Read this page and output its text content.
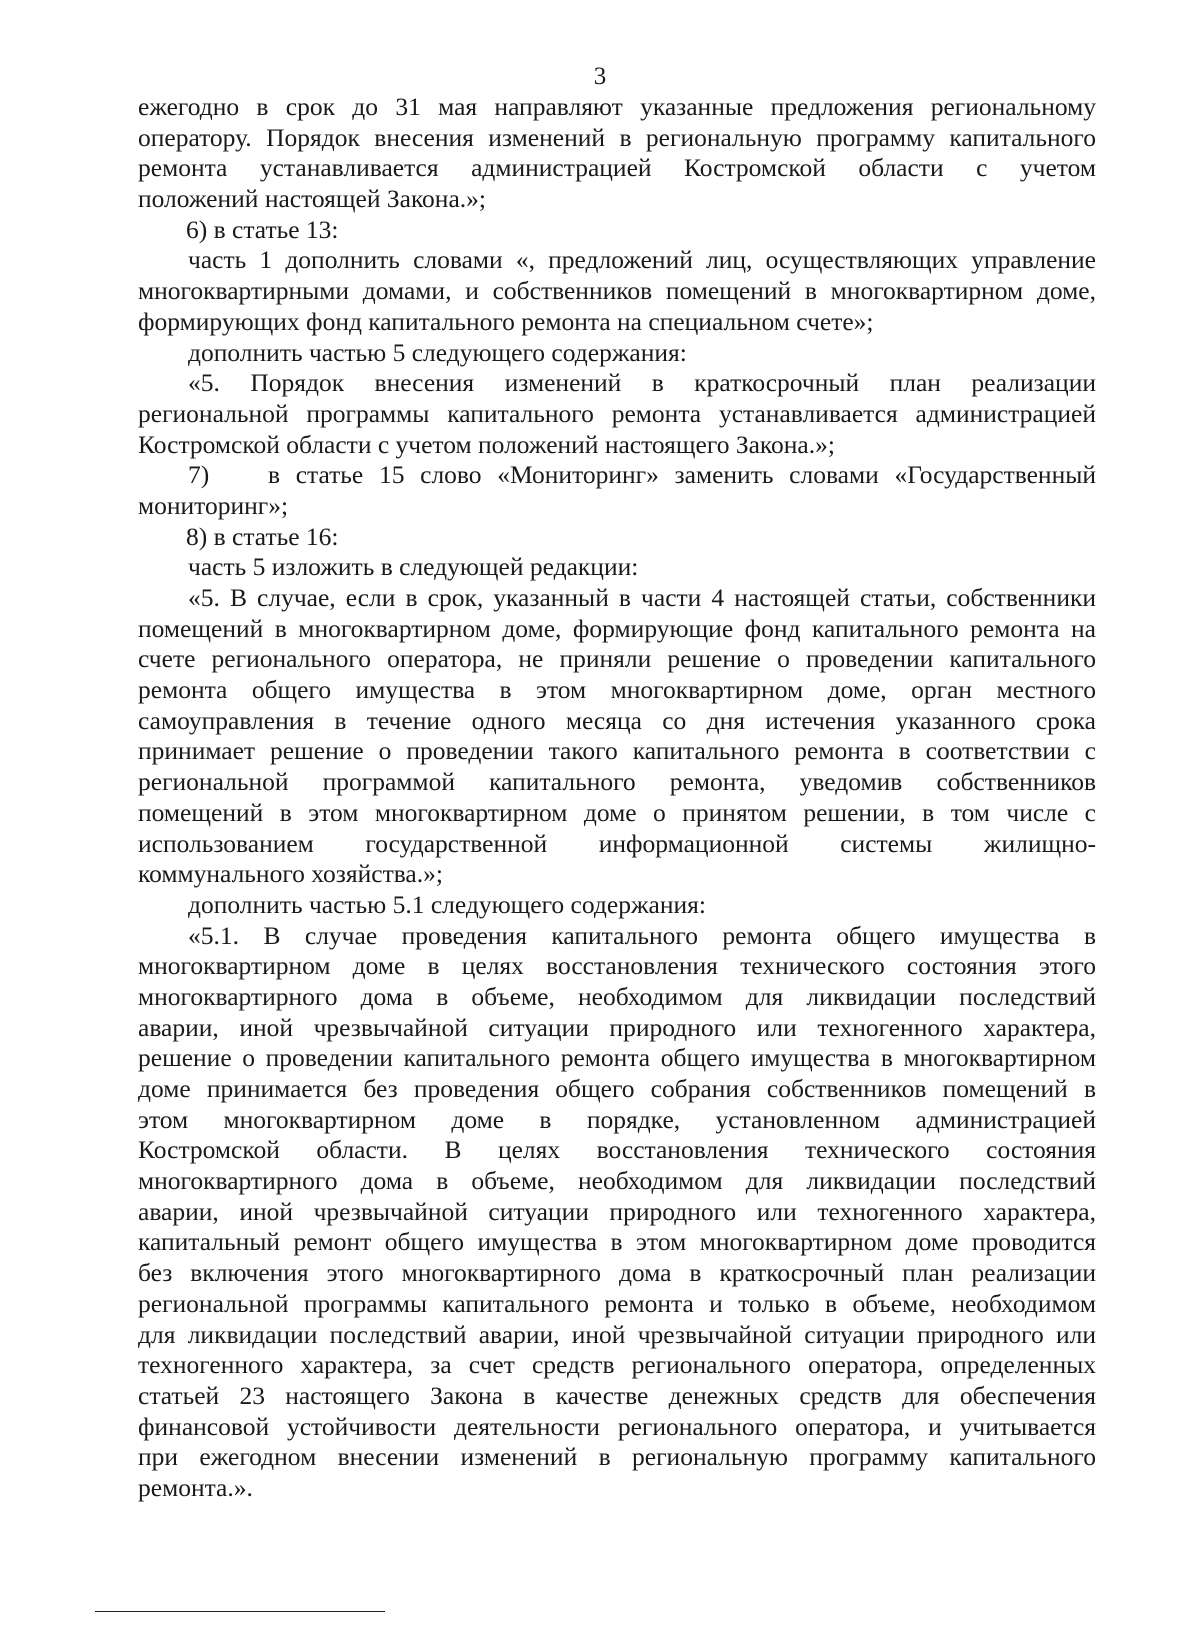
3
ежегодно в срок до 31 мая направляют указанные предложения региональному
оператору. Порядок внесения изменений в региональную программу капитального
ремонта устанавливается администрацией Костромской области с учетом
положений настоящей Закона.»;
6) в статье 13:
часть 1 дополнить словами «, предложений лиц, осуществляющих управление
многоквартирными домами, и собственников помещений в многоквартирном доме,
формирующих фонд капитального ремонта на специальном счете»;
дополнить частью 5 следующего содержания:
«5. Порядок внесения изменений в краткосрочный план реализации
региональной программы капитального ремонта устанавливается администрацией
Костромской области с учетом положений настоящего Закона.»;
7) в статье 15 слово «Мониторинг» заменить словами «Государственный
мониторинг»;
8) в статье 16:
часть 5 изложить в следующей редакции:
«5. В случае, если в срок, указанный в части 4 настоящей статьи, собственники
помещений в многоквартирном доме, формирующие фонд капитального ремонта на
счете регионального оператора, не приняли решение о проведении капитального
ремонта общего имущества в этом многоквартирном доме, орган местного
самоуправления в течение одного месяца со дня истечения указанного срока
принимает решение о проведении такого капитального ремонта в соответствии с
региональной программой капитального ремонта, уведомив собственников
помещений в этом многоквартирном доме о принятом решении, в том числе с
использованием государственной информационной системы жилищно-
коммунального хозяйства.»;
дополнить частью 5.1 следующего содержания:
«5.1. В случае проведения капитального ремонта общего имущества в
многоквартирном доме в целях восстановления технического состояния этого
многоквартирного дома в объеме, необходимом для ликвидации последствий
аварии, иной чрезвычайной ситуации природного или техногенного характера,
решение о проведении капитального ремонта общего имущества в многоквартирном
доме принимается без проведения общего собрания собственников помещений в
этом многоквартирном доме в порядке, установленном администрацией
Костромской области. В целях восстановления технического состояния
многоквартирного дома в объеме, необходимом для ликвидации последствий
аварии, иной чрезвычайной ситуации природного или техногенного характера,
капитальный ремонт общего имущества в этом многоквартирном доме проводится
без включения этого многоквартирного дома в краткосрочный план реализации
региональной программы капитального ремонта и только в объеме, необходимом
для ликвидации последствий аварии, иной чрезвычайной ситуации природного или
техногенного характера, за счет средств регионального оператора, определенных
статьей 23 настоящего Закона в качестве денежных средств для обеспечения
финансовой устойчивости деятельности регионального оператора, и учитывается
при ежегодном внесении изменений в региональную программу капитального
ремонта.».
